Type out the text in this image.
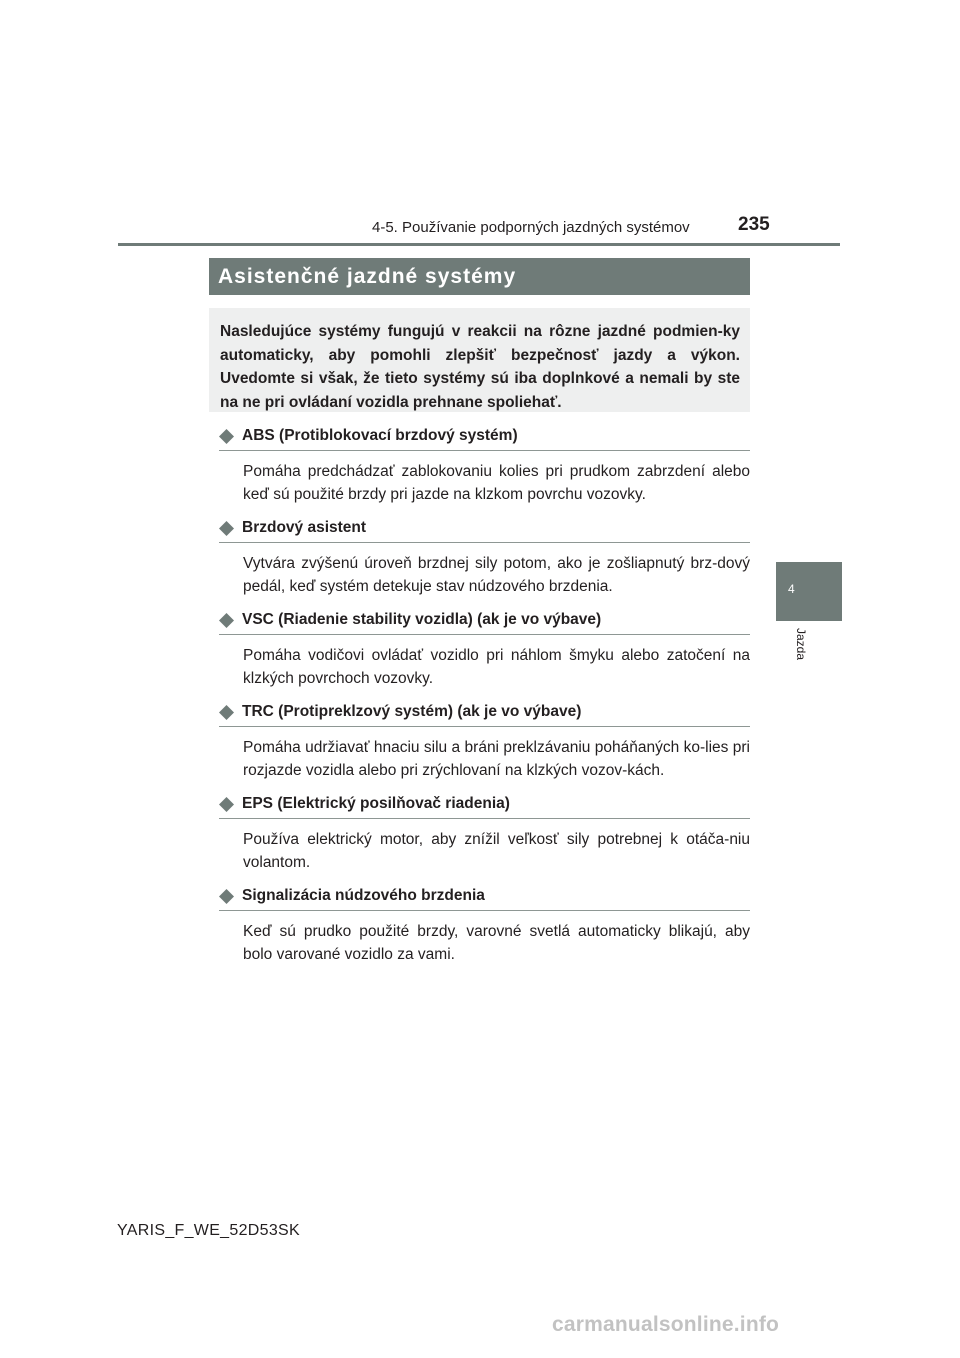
4-5. Používanie podporných jazdných systémov	235
4
Jazda
Asistenčné jazdné systémy
Nasledujúce systémy fungujú v reakcii na rôzne jazdné podmien-ky automaticky, aby pomohli zlepšiť bezpečnosť jazdy a výkon. Uvedomte si však, že tieto systémy sú iba doplnkové a nemali by ste na ne pri ovládaní vozidla prehnane spoliehať.
ABS (Protiblokovací brzdový systém)
Pomáha predchádzať zablokovaniu kolies pri prudkom zabrzdení alebo keď sú použité brzdy pri jazde na klzkom povrchu vozovky.
Brzdový asistent
Vytvára zvýšenú úroveň brzdnej sily potom, ako je zošliapnutý brz-dový pedál, keď systém detekuje stav núdzového brzdenia.
VSC (Riadenie stability vozidla) (ak je vo výbave)
Pomáha vodičovi ovládať vozidlo pri náhlom šmyku alebo zatočení na klzkých povrchoch vozovky.
TRC (Protipreklzový systém) (ak je vo výbave)
Pomáha udržiavať hnaciu silu a bráni preklzávaniu poháňaných ko-lies pri rozjazde vozidla alebo pri zrýchlovaní na klzkých vozov-kách.
EPS (Elektrický posilňovač riadenia)
Používa elektrický motor, aby znížil veľkosť sily potrebnej k otáča-niu volantom.
Signalizácia núdzového brzdenia
Keď sú prudko použité brzdy, varovné svetlá automaticky blikajú, aby bolo varované vozidlo za vami.
YARIS_F_WE_52D53SK
carmanualsonline.info
